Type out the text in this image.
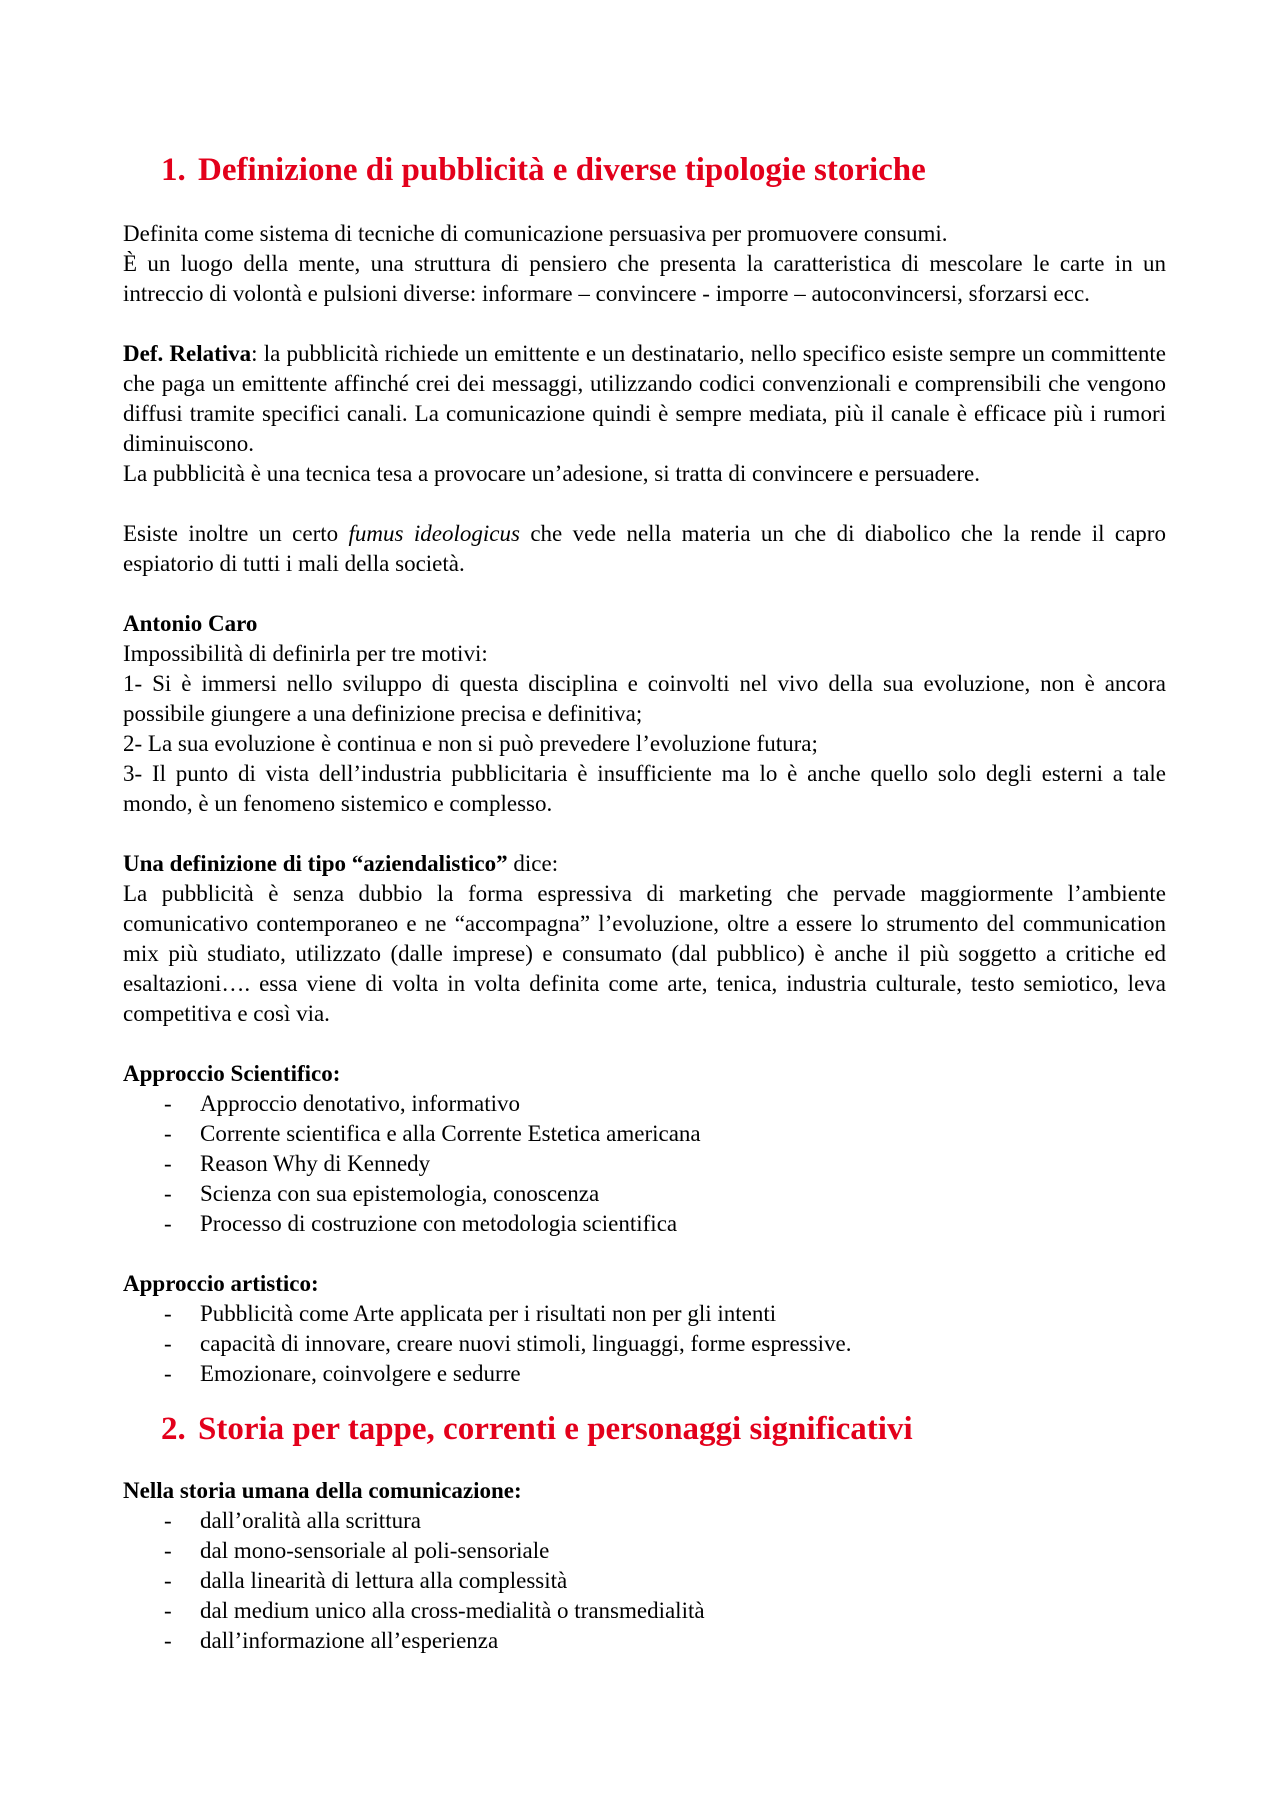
1. Definizione di pubblicità e diverse tipologie storiche

Definita come sistema di tecniche di comunicazione persuasiva per promuovere consumi.

È un luogo della mente, una struttura di pensiero che presenta la caratteristica di mescolare le carte in un intreccio di volontà e pulsioni diverse: informare – convincere - imporre – autoconvincersi, sforzarsi ecc.

Def. Relativa: la pubblicità richiede un emittente e un destinatario, nello specifico esiste sempre un committente che paga un emittente affinché crei dei messaggi, utilizzando codici convenzionali e comprensibili che vengono diffusi tramite specifici canali. La comunicazione quindi è sempre mediata, più il canale è efficace più i rumori diminuiscono.

La pubblicità è una tecnica tesa a provocare un’adesione, si tratta di convincere e persuadere.

Esiste inoltre un certo fumus ideologicus che vede nella materia un che di diabolico che la rende il capro espiatorio di tutti i mali della società.

Antonio Caro

Impossibilità di definirla per tre motivi:

1- Si è immersi nello sviluppo di questa disciplina e coinvolti nel vivo della sua evoluzione, non è ancora possibile giungere a una definizione precisa e definitiva;

2- La sua evoluzione è continua e non si può prevedere l’evoluzione futura;

3- Il punto di vista dell’industria pubblicitaria è insufficiente ma lo è anche quello solo degli esterni a tale mondo, è un fenomeno sistemico e complesso.

Una definizione di tipo “aziendalistico” dice:

La pubblicità è senza dubbio la forma espressiva di marketing che pervade maggiormente l’ambiente comunicativo contemporaneo e ne “accompagna” l’evoluzione, oltre a essere lo strumento del communication mix più studiato, utilizzato (dalle imprese) e consumato (dal pubblico) è anche il più soggetto a critiche ed esaltazioni…. essa viene di volta in volta definita come arte, tenica, industria culturale, testo semiotico, leva competitiva e così via.

Approccio Scientifico:

- Approccio denotativo, informativo
- Corrente scientifica e alla Corrente Estetica americana
- Reason Why di Kennedy
- Scienza con sua epistemologia, conoscenza
- Processo di costruzione con metodologia scientifica

Approccio artistico:

- Pubblicità come Arte applicata per i risultati non per gli intenti
- capacità di innovare, creare nuovi stimoli, linguaggi, forme espressive.
- Emozionare, coinvolgere e sedurre
2. Storia per tappe, correnti e personaggi significativi

Nella storia umana della comunicazione:

- dall’oralità alla scrittura
- dal mono-sensoriale al poli-sensoriale
- dalla linearità di lettura alla complessità
- dal medium unico alla cross-medialità o transmedialità
- dall’informazione all’esperienza
